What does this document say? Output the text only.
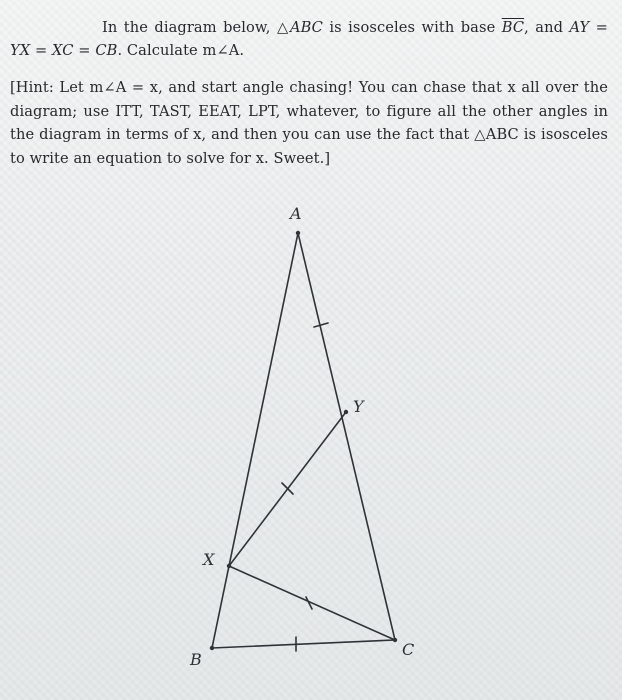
In the diagram below, △ABC is isosceles with base $\overline{BC}$, and AY = YX = XC = CB. Calculate m∠A.
[Hint: Let m∠A = x, and start angle chasing! You can chase that x all over the diagram; use ITT, TAST, EEAT, LPT, whatever, to figure all the other angles in the diagram in terms of x, and then you can use the fact that △ABC is isosceles to write an equation to solve for x. Sweet.]
A
B
C
X
Y
